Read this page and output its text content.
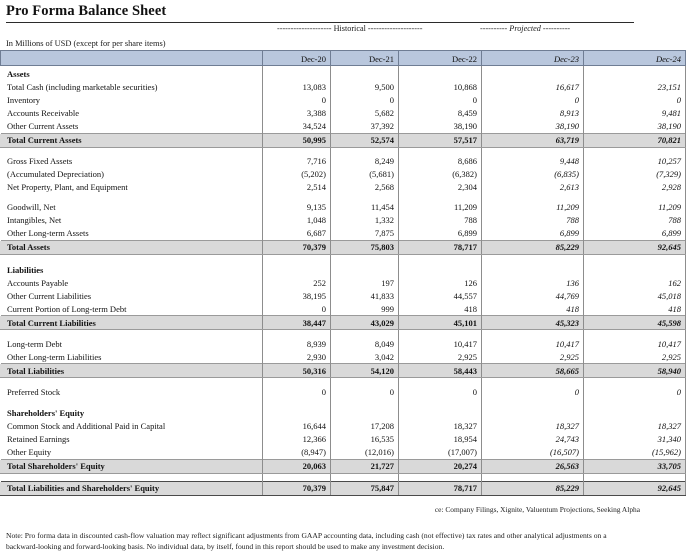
Pro Forma Balance Sheet
-------------------- Historical --------------------	---------- Projected ----------
In Millions of USD (except for per share items)
	Dec-20	Dec-21	Dec-22	Dec-23	Dec-24
Assets					
Total Cash (including marketable securities)	13,083	9,500	10,868	16,617	23,151
Inventory	0	0	0	0	0
Accounts Receivable	3,388	5,682	8,459	8,913	9,481
Other Current Assets	34,524	37,392	38,190	38,190	38,190
Total Current Assets	50,995	52,574	57,517	63,719	70,821

Gross Fixed Assets	7,716	8,249	8,686	9,448	10,257
(Accumulated Depreciation)	(5,202)	(5,681)	(6,382)	(6,835)	(7,329)
Net Property, Plant, and Equipment	2,514	2,568	2,304	2,613	2,928

Goodwill, Net	9,135	11,454	11,209	11,209	11,209
Intangibles, Net	1,048	1,332	788	788	788
Other Long-term Assets	6,687	7,875	6,899	6,899	6,899
Total Assets	70,379	75,803	78,717	85,229	92,645

Liabilities					
Accounts Payable	252	197	126	136	162
Other Current Liabilities	38,195	41,833	44,557	44,769	45,018
Current Portion of Long-term Debt	0	999	418	418	418
Total Current Liabilities	38,447	43,029	45,101	45,323	45,598

Long-term Debt	8,939	8,049	10,417	10,417	10,417
Other Long-term Liabilities	2,930	3,042	2,925	2,925	2,925
Total Liabilities	50,316	54,120	58,443	58,665	58,940

Preferred Stock	0	0	0	0	0

Shareholders' Equity					
Common Stock and Additional Paid in Capital	16,644	17,208	18,327	18,327	18,327
Retained Earnings	12,366	16,535	18,954	24,743	31,340
Other Equity	(8,947)	(12,016)	(17,007)	(16,507)	(15,962)
Total Shareholders' Equity	20,063	21,727	20,274	26,563	33,705

Total Liabilities and Shareholders' Equity	70,379	75,847	78,717	85,229	92,645
ce: Company Filings, Xignite, Valuentum Projections, Seeking Alpha

Note: Pro forma data in discounted cash-flow valuation may reflect significant adjustments from GAAP accounting data, including cash (not effective) tax rates and other analytical adjustments on a

backward-looking and forward-looking basis. No individual data, by itself, found in this report should be used to make any investment decision.
